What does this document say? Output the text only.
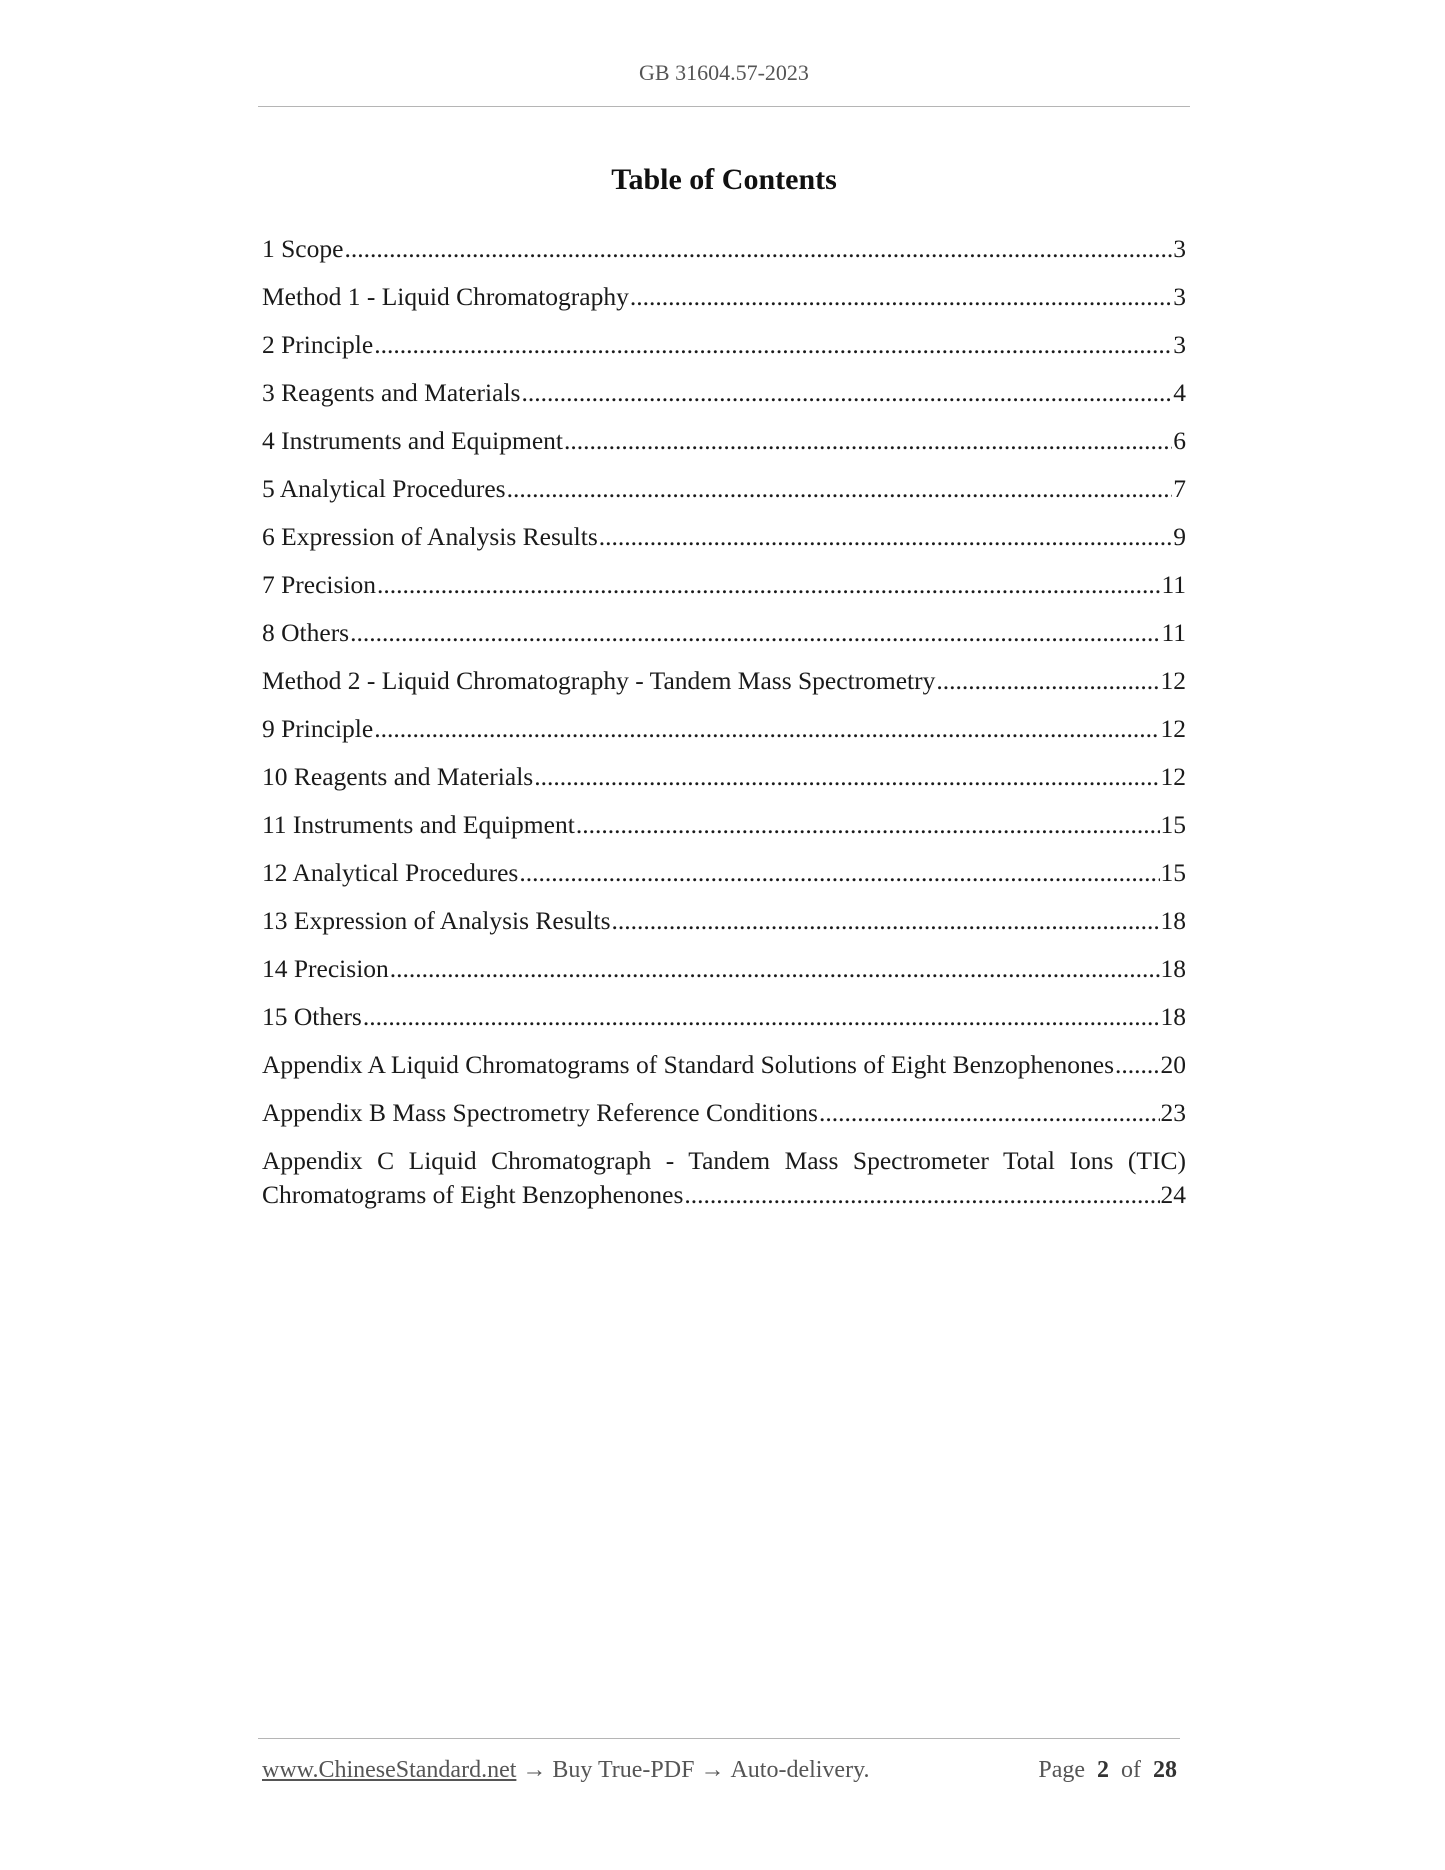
GB 31604.57-2023
Table of Contents
1 Scope .....	3
Method 1 - Liquid Chromatography .....	3
2 Principle .....	3
3 Reagents and Materials .....	4
4 Instruments and Equipment .....	6
5 Analytical Procedures .....	7
6 Expression of Analysis Results .....	9
7 Precision .....	11
8 Others .....	11
Method 2 - Liquid Chromatography - Tandem Mass Spectrometry .....	12
9 Principle .....	12
10 Reagents and Materials .....	12
11 Instruments and Equipment .....	15
12 Analytical Procedures .....	15
13 Expression of Analysis Results .....	18
14 Precision .....	18
15 Others .....	18
Appendix A Liquid Chromatograms of Standard Solutions of Eight Benzophenones ..... 20
Appendix B Mass Spectrometry Reference Conditions .....	23
Appendix C Liquid Chromatograph - Tandem Mass Spectrometer Total Ions (TIC)
Chromatograms of Eight Benzophenones .....	24
www.ChineseStandard.net → Buy True-PDF → Auto-delivery.	Page 2 of 28
